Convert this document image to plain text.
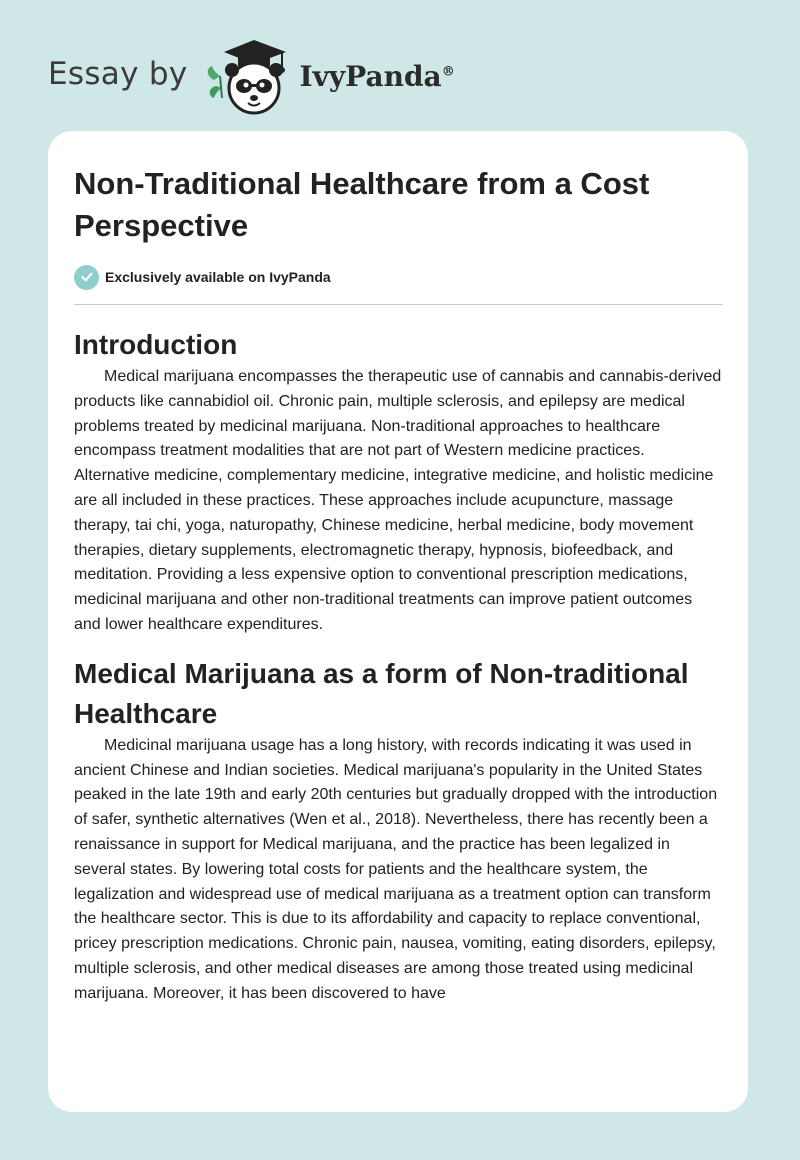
Essay by	IvyPanda®
Non-Traditional Healthcare from a Cost Perspective
Exclusively available on IvyPanda
Introduction

Medical marijuana encompasses the therapeutic use of cannabis and cannabis-derived products like cannabidiol oil. Chronic pain, multiple sclerosis, and epilepsy are medical problems treated by medicinal marijuana. Non-traditional approaches to healthcare encompass treatment modalities that are not part of Western medicine practices. Alternative medicine, complementary medicine, integrative medicine, and holistic medicine are all included in these practices. These approaches include acupuncture, massage therapy, tai chi, yoga, naturopathy, Chinese medicine, herbal medicine, body movement therapies, dietary supplements, electromagnetic therapy, hypnosis, biofeedback, and meditation. Providing a less expensive option to conventional prescription medications, medicinal marijuana and other non-traditional treatments can improve patient outcomes and lower healthcare expenditures.

Medical Marijuana as a form of Non-traditional Healthcare

Medicinal marijuana usage has a long history, with records indicating it was used in ancient Chinese and Indian societies. Medical marijuana's popularity in the United States peaked in the late 19th and early 20th centuries but gradually dropped with the introduction of safer, synthetic alternatives (Wen et al., 2018). Nevertheless, there has recently been a renaissance in support for Medical marijuana, and the practice has been legalized in several states. By lowering total costs for patients and the healthcare system, the legalization and widespread use of medical marijuana as a treatment option can transform the healthcare sector. This is due to its affordability and capacity to replace conventional, pricey prescription medications. Chronic pain, nausea, vomiting, eating disorders, epilepsy, multiple sclerosis, and other medical diseases are among those treated using medicinal marijuana. Moreover, it has been discovered to have
